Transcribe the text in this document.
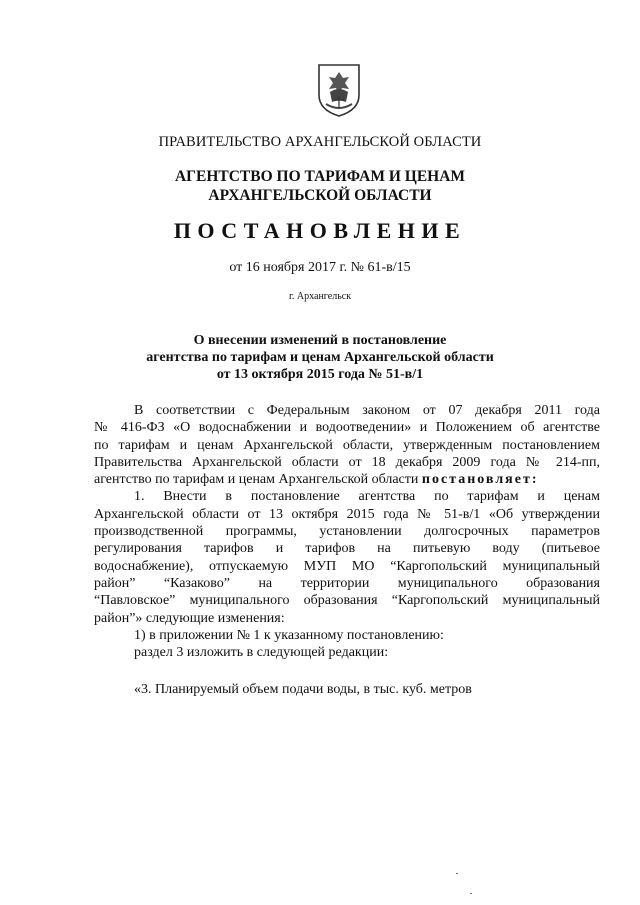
ПРАВИТЕЛЬСТВО АРХАНГЕЛЬСКОЙ ОБЛАСТИ
АГЕНТСТВО ПО ТАРИФАМ И ЦЕНАМ
АРХАНГЕЛЬСКОЙ ОБЛАСТИ
ПОСТАНОВЛЕНИЕ
от 16 ноября 2017 г. № 61-в/15
г. Архангельск
О внесении изменений в постановление
агентства по тарифам и ценам Архангельской области
от 13 октября 2015 года № 51-в/1
В соответствии с Федеральным законом от 07 декабря 2011 года
№ 416-ФЗ «О водоснабжении и водоотведении» и Положением об агентстве
по тарифам и ценам Архангельской области, утвержденным постановлением
Правительства Архангельской области от 18 декабря 2009 года № 214-пп,
агентство по тарифам и ценам Архангельской области постановляет:
1. Внести в постановление агентства по тарифам и ценам
Архангельской области от 13 октября 2015 года № 51-в/1 «Об утверждении
производственной программы, установлении долгосрочных параметров
регулирования тарифов и тарифов на питьевую воду (питьевое
водоснабжение), отпускаемую МУП МО “Каргопольский муниципальный
район” “Казаково” на территории муниципального образования
“Павловское” муниципального образования “Каргопольский муниципальный
район”» следующие изменения:
1) в приложении № 1 к указанному постановлению:
раздел 3 изложить в следующей редакции:
«3. Планируемый объем подачи воды, в тыс. куб. метров
